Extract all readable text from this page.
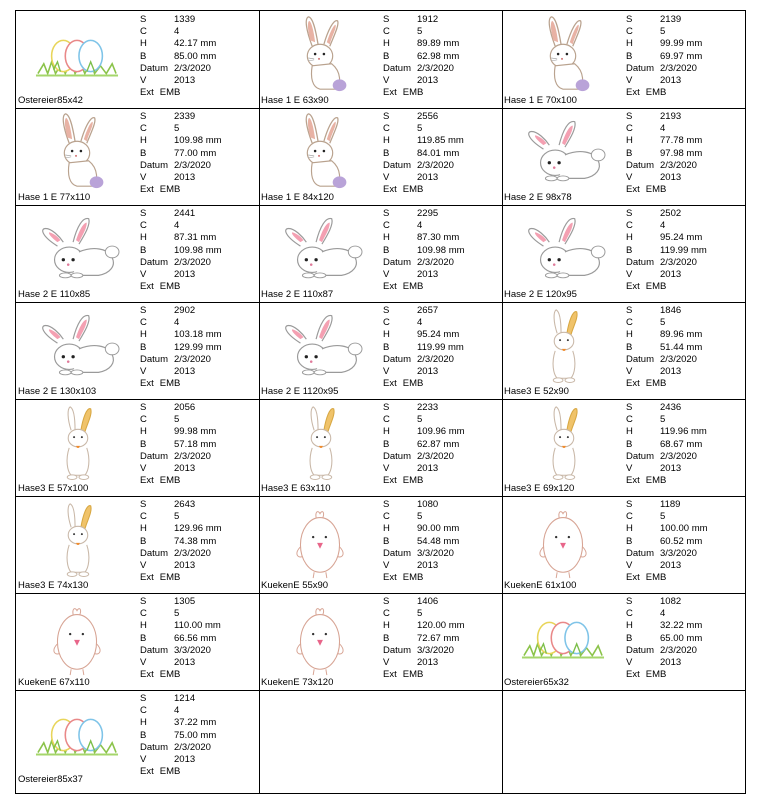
Ostereier85x42
S	1339
C	4
H	42.17 mm
B	85.00 mm
Datum 2/3/2020
V	2013
Ext EMB
Hase 1 E 63x90
S	1912
C	5
H	89.89 mm
B	62.98 mm
Datum 2/3/2020
V	2013
Ext EMB
Hase 1 E 70x100
S	2139
C	5
H	99.99 mm
B	69.97 mm
Datum 2/3/2020
V	2013
Ext EMB
Hase 1 E 77x110
S	2339
C	5
H	109.98 mm
B	77.00 mm
Datum 2/3/2020
V	2013
Ext EMB
Hase 1 E 84x120
S	2556
C	5
H	119.85 mm
B	84.01 mm
Datum 2/3/2020
V	2013
Ext EMB
Hase 2 E 98x78
S	2193
C	4
H	77.78 mm
B	97.98 mm
Datum 2/3/2020
V	2013
Ext EMB
Hase 2 E 110x85
S	2441
C	4
H	87.31 mm
B	109.98 mm
Datum 2/3/2020
V	2013
Ext EMB
Hase 2 E 110x87
S	2295
C	4
H	87.30 mm
B	109.98 mm
Datum 2/3/2020
V	2013
Ext EMB
Hase 2 E 120x95
S	2502
C	4
H	95.24 mm
B	119.99 mm
Datum 2/3/2020
V	2013
Ext EMB
Hase 2 E 130x103
S	2902
C	4
H	103.18 mm
B	129.99 mm
Datum 2/3/2020
V	2013
Ext EMB
Hase 2 E 1120x95
S	2657
C	4
H	95.24 mm
B	119.99 mm
Datum 2/3/2020
V	2013
Ext EMB
Hase3 E 52x90
S	1846
C	5
H	89.96 mm
B	51.44 mm
Datum 2/3/2020
V	2013
Ext EMB
Hase3 E 57x100
S	2056
C	5
H	99.98 mm
B	57.18 mm
Datum 2/3/2020
V	2013
Ext EMB
Hase3 E 63x110
S	2233
C	5
H	109.96 mm
B	62.87 mm
Datum 2/3/2020
V	2013
Ext EMB
Hase3 E 69x120
S	2436
C	5
H	119.96 mm
B	68.67 mm
Datum 2/3/2020
V	2013
Ext EMB
Hase3 E 74x130
S	2643
C	5
H	129.96 mm
B	74.38 mm
Datum 2/3/2020
V	2013
Ext EMB
KuekenE 55x90
S	1080
C	5
H	90.00 mm
B	54.48 mm
Datum 3/3/2020
V	2013
Ext EMB
KuekenE 61x100
S	1189
C	5
H	100.00 mm
B	60.52 mm
Datum 3/3/2020
V	2013
Ext EMB
KuekenE 67x110
S	1305
C	5
H	110.00 mm
B	66.56 mm
Datum 3/3/2020
V	2013
Ext EMB
KuekenE 73x120
S	1406
C	5
H	120.00 mm
B	72.67 mm
Datum 3/3/2020
V	2013
Ext EMB
Ostereier65x32
S	1082
C	4
H	32.22 mm
B	65.00 mm
Datum 2/3/2020
V	2013
Ext EMB
Ostereier85x37
S	1214
C	4
H	37.22 mm
B	75.00 mm
Datum 2/3/2020
V	2013
Ext EMB
